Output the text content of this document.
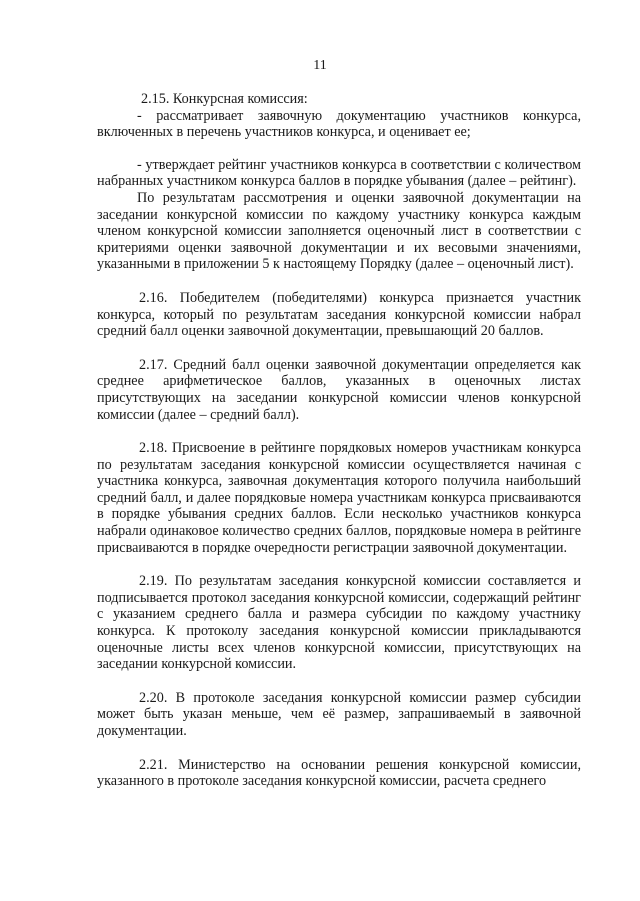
11

2.15. Конкурсная комиссия:

- рассматривает заявочную документацию участников конкурса, включенных в перечень участников конкурса, и оценивает ее;

- утверждает рейтинг участников конкурса в соответствии с количеством набранных участником конкурса баллов в порядке убывания (далее – рейтинг).

По результатам рассмотрения и оценки заявочной документации на заседании конкурсной комиссии по каждому участнику конкурса каждым членом конкурсной комиссии заполняется оценочный лист в соответствии с критериями оценки заявочной документации и их весовыми значениями, указанными в приложении 5 к настоящему Порядку (далее – оценочный лист).

2.16. Победителем (победителями) конкурса признается участник конкурса, который по результатам заседания конкурсной комиссии набрал средний балл оценки заявочной документации, превышающий 20 баллов.

2.17. Средний балл оценки заявочной документации определяется как среднее арифметическое баллов, указанных в оценочных листах присутствующих на заседании конкурсной комиссии членов конкурсной комиссии (далее – средний балл).

2.18. Присвоение в рейтинге порядковых номеров участникам конкурса по результатам заседания конкурсной комиссии осуществляется начиная с участника конкурса, заявочная документация которого получила наибольший средний балл, и далее порядковые номера участникам конкурса присваиваются в порядке убывания средних баллов. Если несколько участников конкурса набрали одинаковое количество средних баллов, порядковые номера в рейтинге присваиваются в порядке очередности регистрации заявочной документации.

2.19. По результатам заседания конкурсной комиссии составляется и подписывается протокол заседания конкурсной комиссии, содержащий рейтинг с указанием среднего балла и размера субсидии по каждому участнику конкурса. К протоколу заседания конкурсной комиссии прикладываются оценочные листы всех членов конкурсной комиссии, присутствующих на заседании конкурсной комиссии.

2.20. В протоколе заседания конкурсной комиссии размер субсидии может быть указан меньше, чем её размер, запрашиваемый в заявочной документации.

2.21. Министерство на основании решения конкурсной комиссии, указанного в протоколе заседания конкурсной комиссии, расчета среднего
